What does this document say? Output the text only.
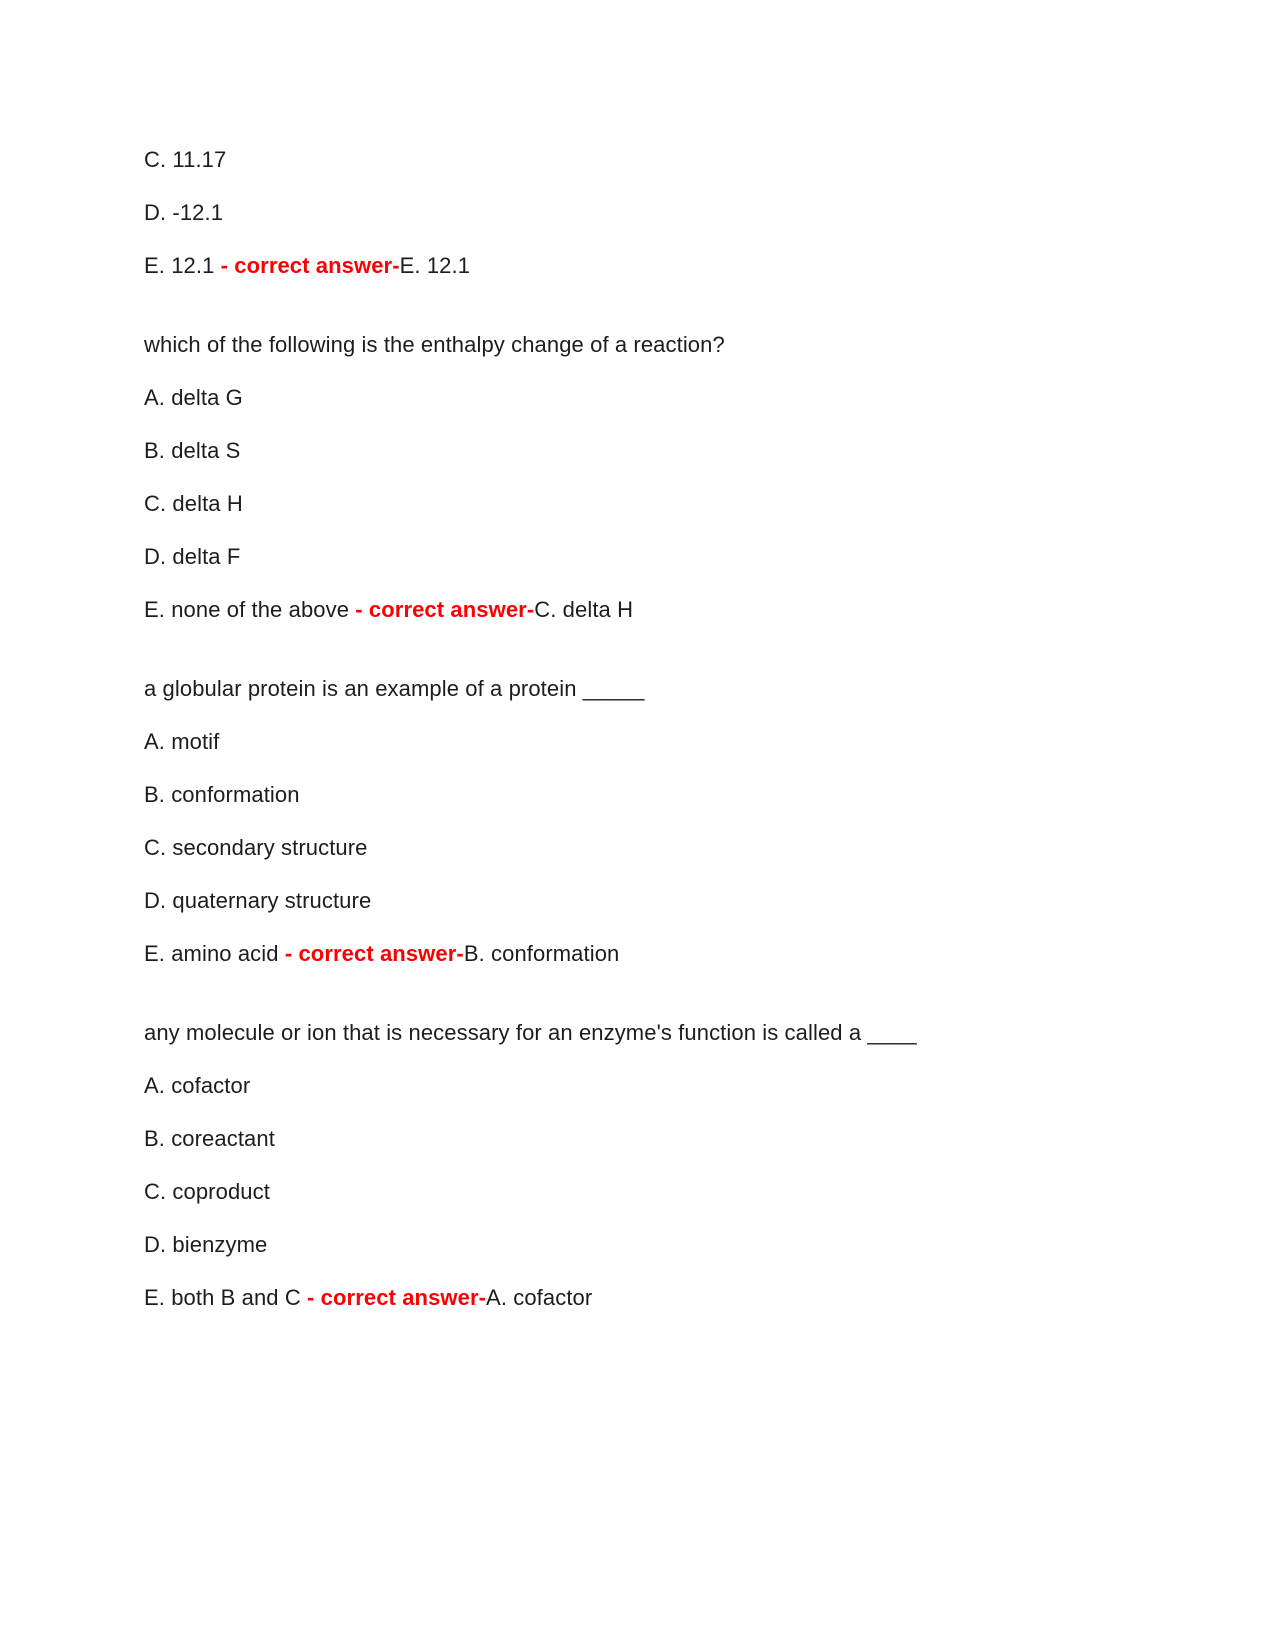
C. 11.17

D. -12.1

E. 12.1 - correct answer-E. 12.1

which of the following is the enthalpy change of a reaction?

A. delta G

B. delta S

C. delta H

D. delta F

E. none of the above - correct answer-C. delta H

a globular protein is an example of a protein _____

A. motif

B. conformation

C. secondary structure

D. quaternary structure

E. amino acid - correct answer-B. conformation

any molecule or ion that is necessary for an enzyme's function is called a ____

A. cofactor

B. coreactant

C. coproduct

D. bienzyme

E. both B and C - correct answer-A. cofactor
